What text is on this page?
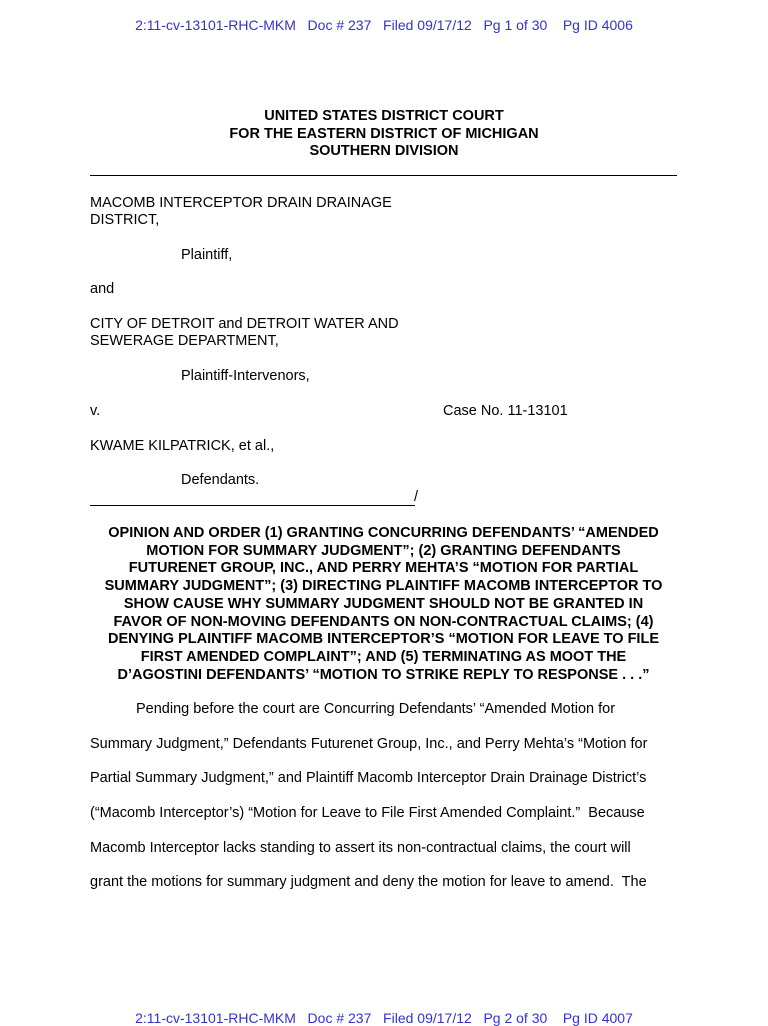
2:11-cv-13101-RHC-MKM   Doc # 237   Filed 09/17/12   Pg 1 of 30    Pg ID 4006
UNITED STATES DISTRICT COURT
FOR THE EASTERN DISTRICT OF MICHIGAN
SOUTHERN DIVISION
MACOMB INTERCEPTOR DRAIN DRAINAGE
DISTRICT,
Plaintiff,
and
CITY OF DETROIT and DETROIT WATER AND
SEWERAGE DEPARTMENT,
Plaintiff-Intervenors,
v.	Case No. 11-13101
KWAME KILPATRICK, et al.,
Defendants.
/
OPINION AND ORDER (1) GRANTING CONCURRING DEFENDANTS’ “AMENDED
MOTION FOR SUMMARY JUDGMENT”; (2) GRANTING DEFENDANTS
FUTURENET GROUP, INC., AND PERRY MEHTA’S “MOTION FOR PARTIAL
SUMMARY JUDGMENT”; (3) DIRECTING PLAINTIFF MACOMB INTERCEPTOR TO
SHOW CAUSE WHY SUMMARY JUDGMENT SHOULD NOT BE GRANTED IN
FAVOR OF NON-MOVING DEFENDANTS ON NON-CONTRACTUAL CLAIMS; (4)
DENYING PLAINTIFF MACOMB INTERCEPTOR’S “MOTION FOR LEAVE TO FILE
FIRST AMENDED COMPLAINT”; AND (5) TERMINATING AS MOOT THE
D’AGOSTINI DEFENDANTS’ “MOTION TO STRIKE REPLY TO RESPONSE . . .”
Pending before the court are Concurring Defendants’ “Amended Motion for
Summary Judgment,” Defendants Futurenet Group, Inc., and Perry Mehta’s “Motion for
Partial Summary Judgment,” and Plaintiff Macomb Interceptor Drain Drainage District’s
(“Macomb Interceptor’s) “Motion for Leave to File First Amended Complaint.”  Because
Macomb Interceptor lacks standing to assert its non-contractual claims, the court will
grant the motions for summary judgment and deny the motion for leave to amend.  The
2:11-cv-13101-RHC-MKM   Doc # 237   Filed 09/17/12   Pg 2 of 30    Pg ID 4007
